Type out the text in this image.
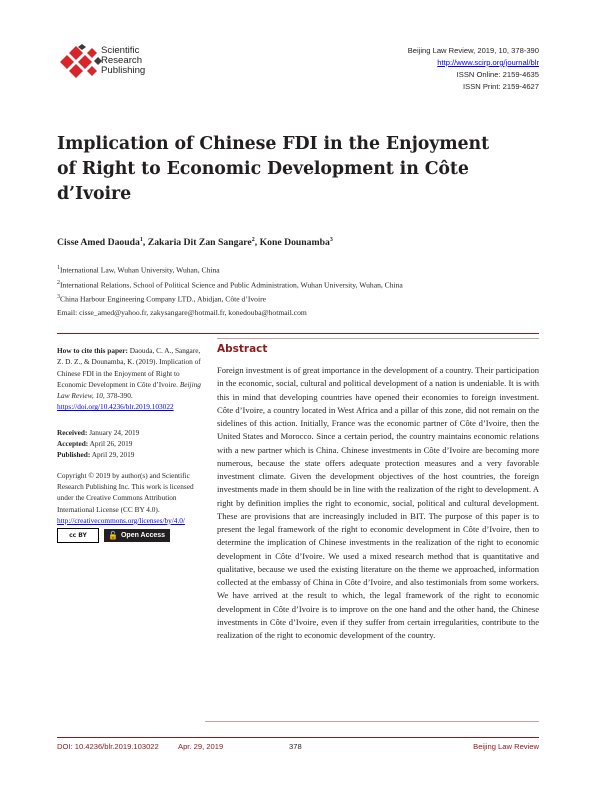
Scientific
Research
Publishing
Beijing Law Review, 2019, 10, 378-390
http://www.scirp.org/journal/blr
ISSN Online: 2159-4635
ISSN Print: 2159-4627
Implication of Chinese FDI in the Enjoyment
of Right to Economic Development in Côte
d’Ivoire
Cisse Amed Daouda$^1$, Zakaria Dit Zan Sangare$^2$, Kone Dounamba$^3$
$^1$International Law, Wuhan University, Wuhan, China
$^2$International Relations, School of Political Science and Public Administration, Wuhan University, Wuhan, China
$^3$China Harbour Engineering Company LTD., Abidjan, Côte d’Ivoire
Email: cisse_amed@yahoo.fr, zakysangare@hotmail.fr, konedouba@hotmail.com

How to cite this paper: Daouda, C. A., Sangare, Z. D. Z., & Dounamba, K. (2019). Implication of Chinese FDI in the Enjoyment of Right to Economic Development in Côte d’Ivoire. Beijing Law Review, 10, 378-390.
https://doi.org/10.4236/blr.2019.103022

Received: January 24, 2019
Accepted: April 26, 2019
Published: April 29, 2019

Copyright © 2019 by author(s) and Scientific Research Publishing Inc. This work is licensed under the Creative Commons Attribution International License (CC BY 4.0).
http://creativecommons.org/licenses/by/4.0/

cc BY	🔓 Open Access
Abstract
Foreign investment is of great importance in the development of a country. Their participation in the economic, social, cultural and political development of a nation is undeniable. It is with this in mind that developing countries have opened their economies to foreign investment. Côte d’Ivoire, a country located in West Africa and a pillar of this zone, did not remain on the sidelines of this action. Initially, France was the economic partner of Côte d’Ivoire, then the United States and Morocco. Since a certain period, the country maintains economic relations with a new partner which is China. Chinese investments in Côte d’Ivoire are becoming more numerous, because the state offers adequate protection measures and a very favorable investment climate. Given the development objectives of the host countries, the foreign investments made in them should be in line with the realization of the right to development. A right by definition implies the right to economic, social, political and cultural development. These are provisions that are increasingly included in BIT. The purpose of this paper is to present the legal framework of the right to economic development in Côte d’Ivoire, then to determine the implication of Chinese investments in the realization of the right to economic development in Côte d’Ivoire. We used a mixed research method that is quantitative and qualitative, because we used the existing literature on the theme we approached, information collected at the embassy of China in Côte d’Ivoire, and also testimonials from some workers. We have arrived at the result to which, the legal framework of the right to economic development in Côte d’Ivoire is to improve on the one hand and the other hand, the Chinese investments in Côte d’Ivoire, even if they suffer from certain irregularities, contribute to the realization of the right to economic development of the country.
DOI: 10.4236/blr.2019.103022	Apr. 29, 2019	378	Beijing Law Review
